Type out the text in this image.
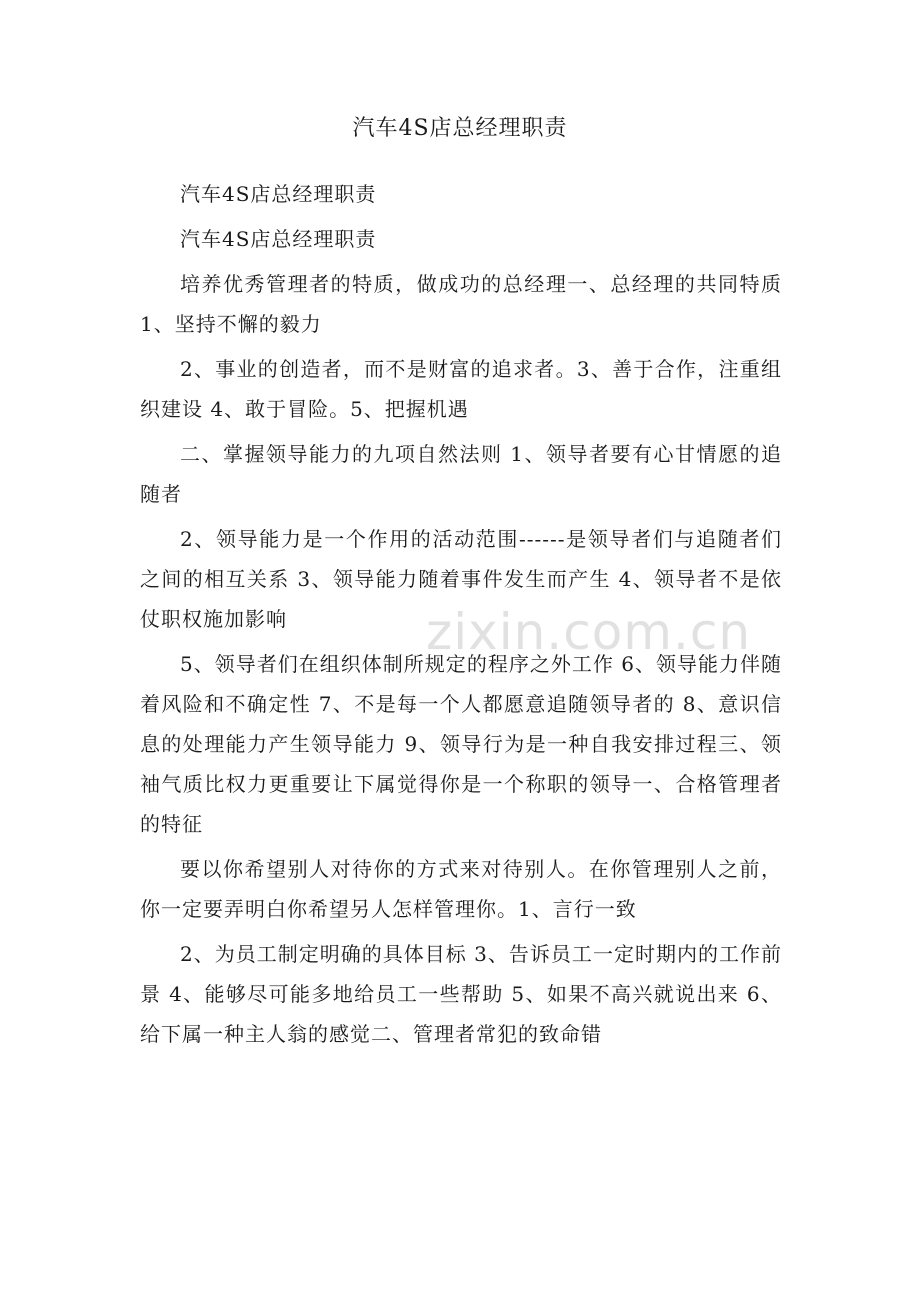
汽车4S店总经理职责

汽车4S店总经理职责

汽车4S店总经理职责

培养优秀管理者的特质，做成功的总经理一、总经理的共同特质 1、坚持不懈的毅力

2、事业的创造者，而不是财富的追求者。3、善于合作，注重组织建设 4、敢于冒险。5、把握机遇

二、掌握领导能力的九项自然法则 1、领导者要有心甘情愿的追随者

2、领导能力是一个作用的活动范围------是领导者们与追随者们之间的相互关系 3、领导能力随着事件发生而产生 4、领导者不是依仗职权施加影响

5、领导者们在组织体制所规定的程序之外工作 6、领导能力伴随着风险和不确定性 7、不是每一个人都愿意追随领导者的 8、意识信息的处理能力产生领导能力 9、领导行为是一种自我安排过程三、领袖气质比权力更重要让下属觉得你是一个称职的领导一、合格管理者的特征

要以你希望别人对待你的方式来对待别人。在你管理别人之前，你一定要弄明白你希望另人怎样管理你。1、言行一致

2、为员工制定明确的具体目标 3、告诉员工一定时期内的工作前景 4、能够尽可能多地给员工一些帮助 5、如果不高兴就说出来 6、给下属一种主人翁的感觉二、管理者常犯的致命错

zixin.com.cn
